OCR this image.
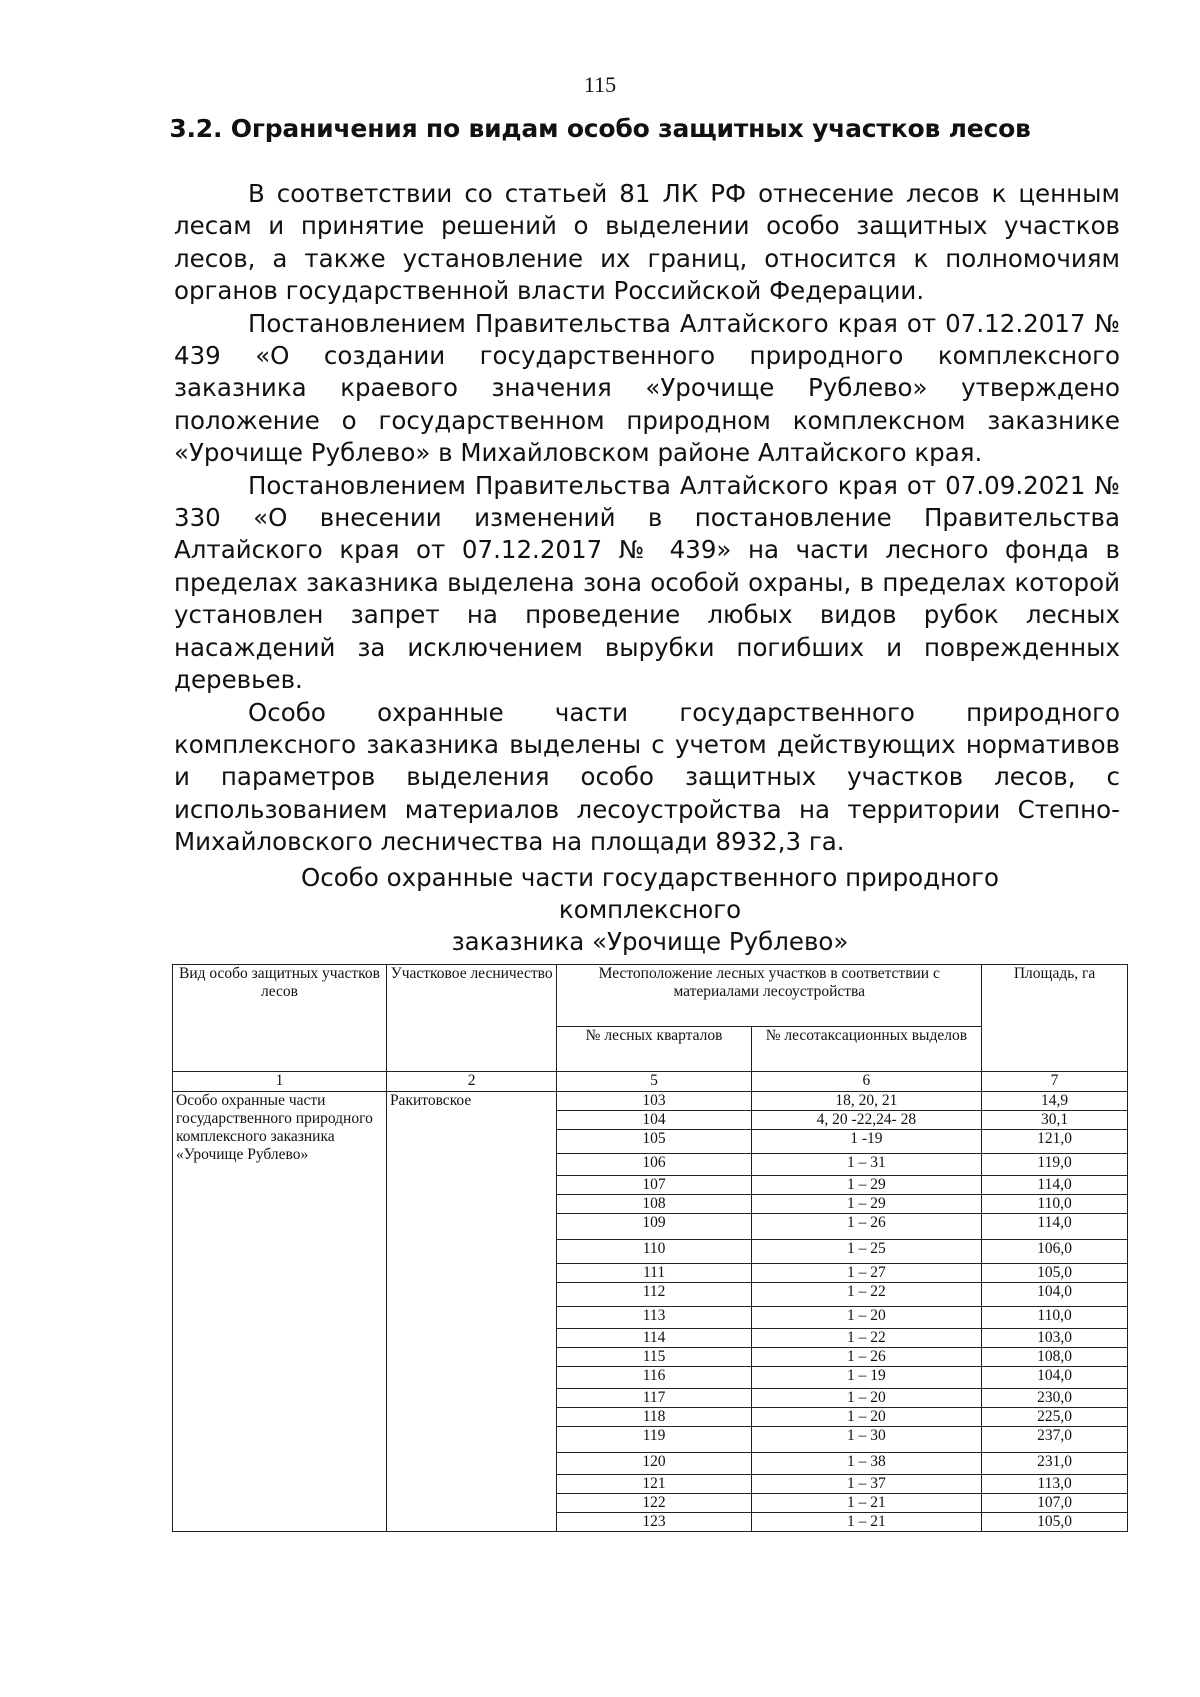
115
3.2. Ограничения по видам особо защитных участков лесов

В соответствии со статьей 81 ЛК РФ отнесение лесов к ценным лесам и принятие решений о выделении особо защитных участков лесов, а также установление их границ, относится к полномочиям органов государственной власти Российской Федерации.

Постановлением Правительства Алтайского края от 07.12.2017 № 439 «О создании государственного природного комплексного заказника краевого значения «Урочище Рублево» утверждено положение о государственном природном комплексном заказнике «Урочище Рублево» в Михайловском районе Алтайского края.

Постановлением Правительства Алтайского края от 07.09.2021 № 330 «О внесении изменений в постановление Правительства Алтайского края от 07.12.2017 № 439» на части лесного фонда в пределах заказника выделена зона особой охраны, в пределах которой установлен запрет на проведение любых видов рубок лесных насаждений за исключением вырубки погибших и поврежденных деревьев.

Особо охранные части государственного природного комплексного заказника выделены с учетом действующих нормативов и параметров выделения особо защитных участков лесов, с использованием материалов лесоустройства на территории Степно-Михайловского лесничества на площади 8932,3 га.

Особо охранные части государственного природного комплексного
заказника «Урочище Рублево»
Вид особо защитных участков лесов	Участковое лесничество	Местоположение лесных участков в соответствии с материалами лесоустройства		Площадь, га
		№ лесных кварталов	№ лесотаксационных выделов	
1	2	5	6	7
Особо охранные части государственного природного комплексного заказника «Урочище Рублево»	Ракитовское	103	18, 20, 21	14,9
		104	4, 20 -22,24- 28	30,1
		105	1 -19	121,0
		106	1 – 31	119,0
		107	1 – 29	114,0
		108	1 – 29	110,0
		109	1 – 26	114,0
		110	1 – 25	106,0
		111	1 – 27	105,0
		112	1 – 22	104,0
		113	1 – 20	110,0
		114	1 – 22	103,0
		115	1 – 26	108,0
		116	1 – 19	104,0
		117	1 – 20	230,0
		118	1 – 20	225,0
		119	1 – 30	237,0
		120	1 – 38	231,0
		121	1 – 37	113,0
		122	1 – 21	107,0
		123	1 – 21	105,0
